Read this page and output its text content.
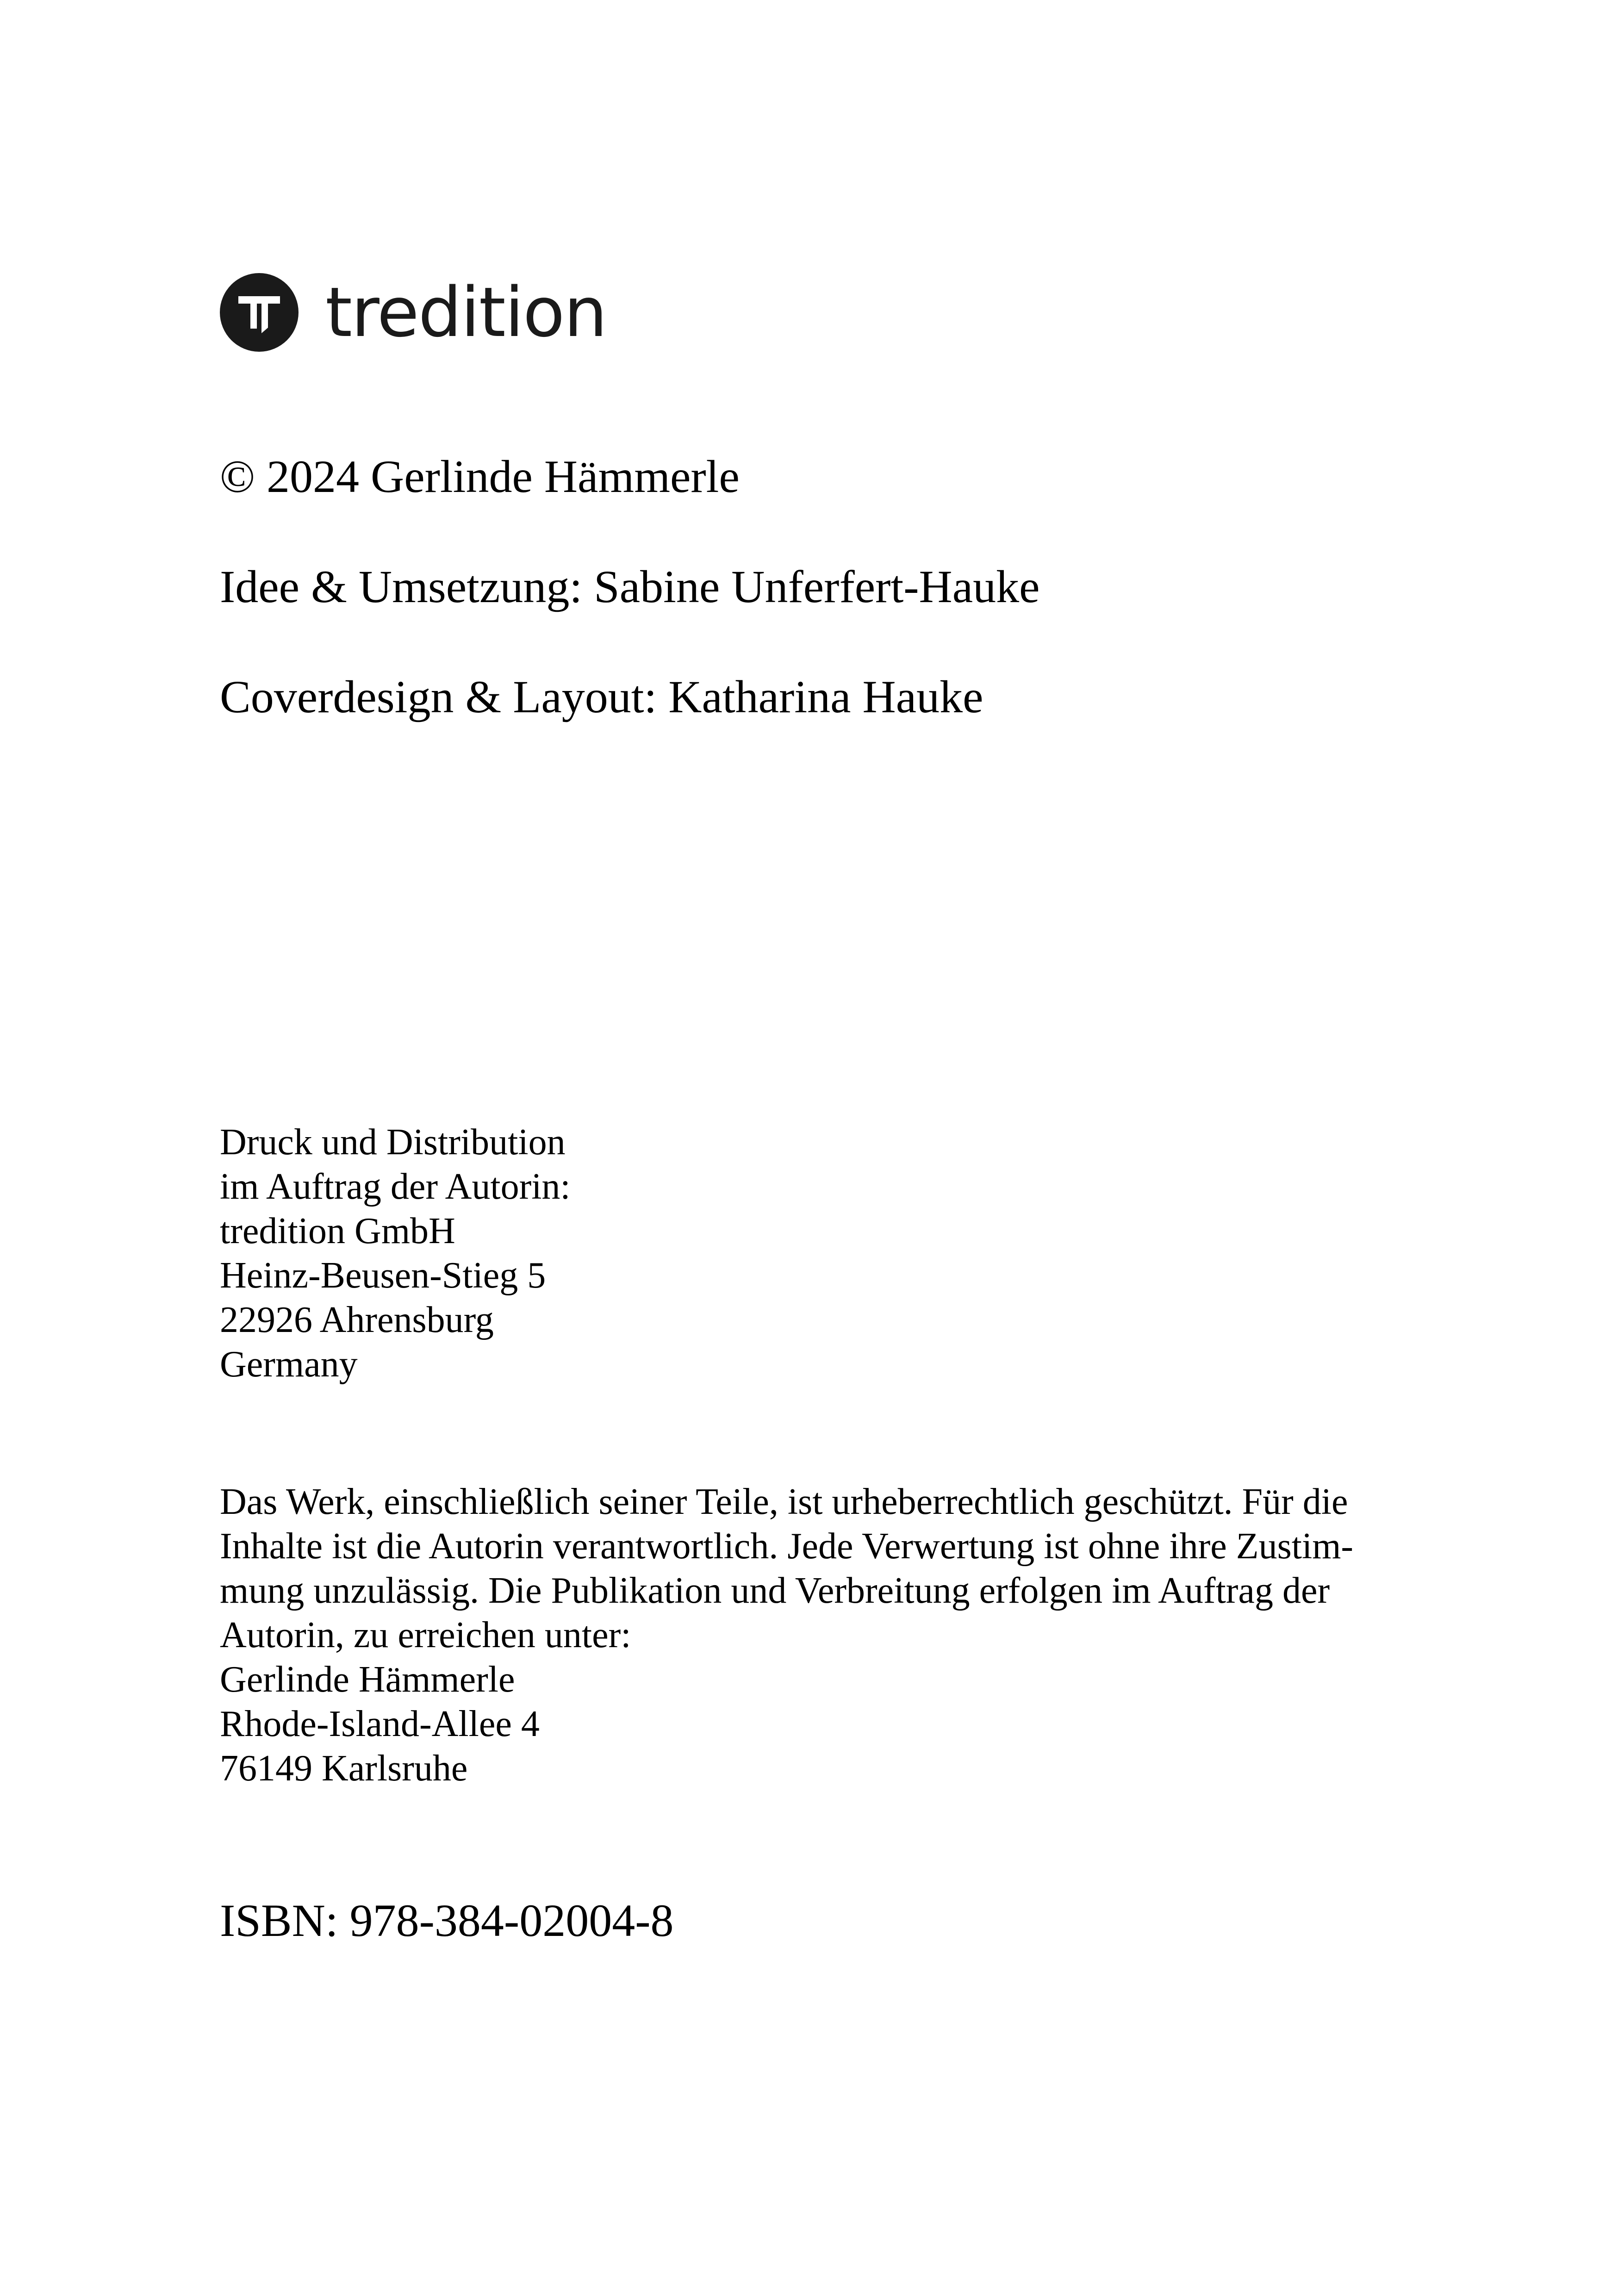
tredition
© 2024 Gerlinde Hämmerle
Idee & Umsetzung: Sabine Unferfert-Hauke
Coverdesign & Layout: Katharina Hauke
Druck und Distribution
im Auftrag der Autorin:
tredition GmbH
Heinz-Beusen-Stieg 5
22926 Ahrensburg
Germany
Das Werk, einschließlich seiner Teile, ist urheberrechtlich geschützt. Für die
Inhalte ist die Autorin verantwortlich. Jede Verwertung ist ohne ihre Zustim-
mung unzulässig. Die Publikation und Verbreitung erfolgen im Auftrag der
Autorin, zu erreichen unter:
Gerlinde Hämmerle
Rhode-Island-Allee 4
76149 Karlsruhe
ISBN: 978-384-02004-8
